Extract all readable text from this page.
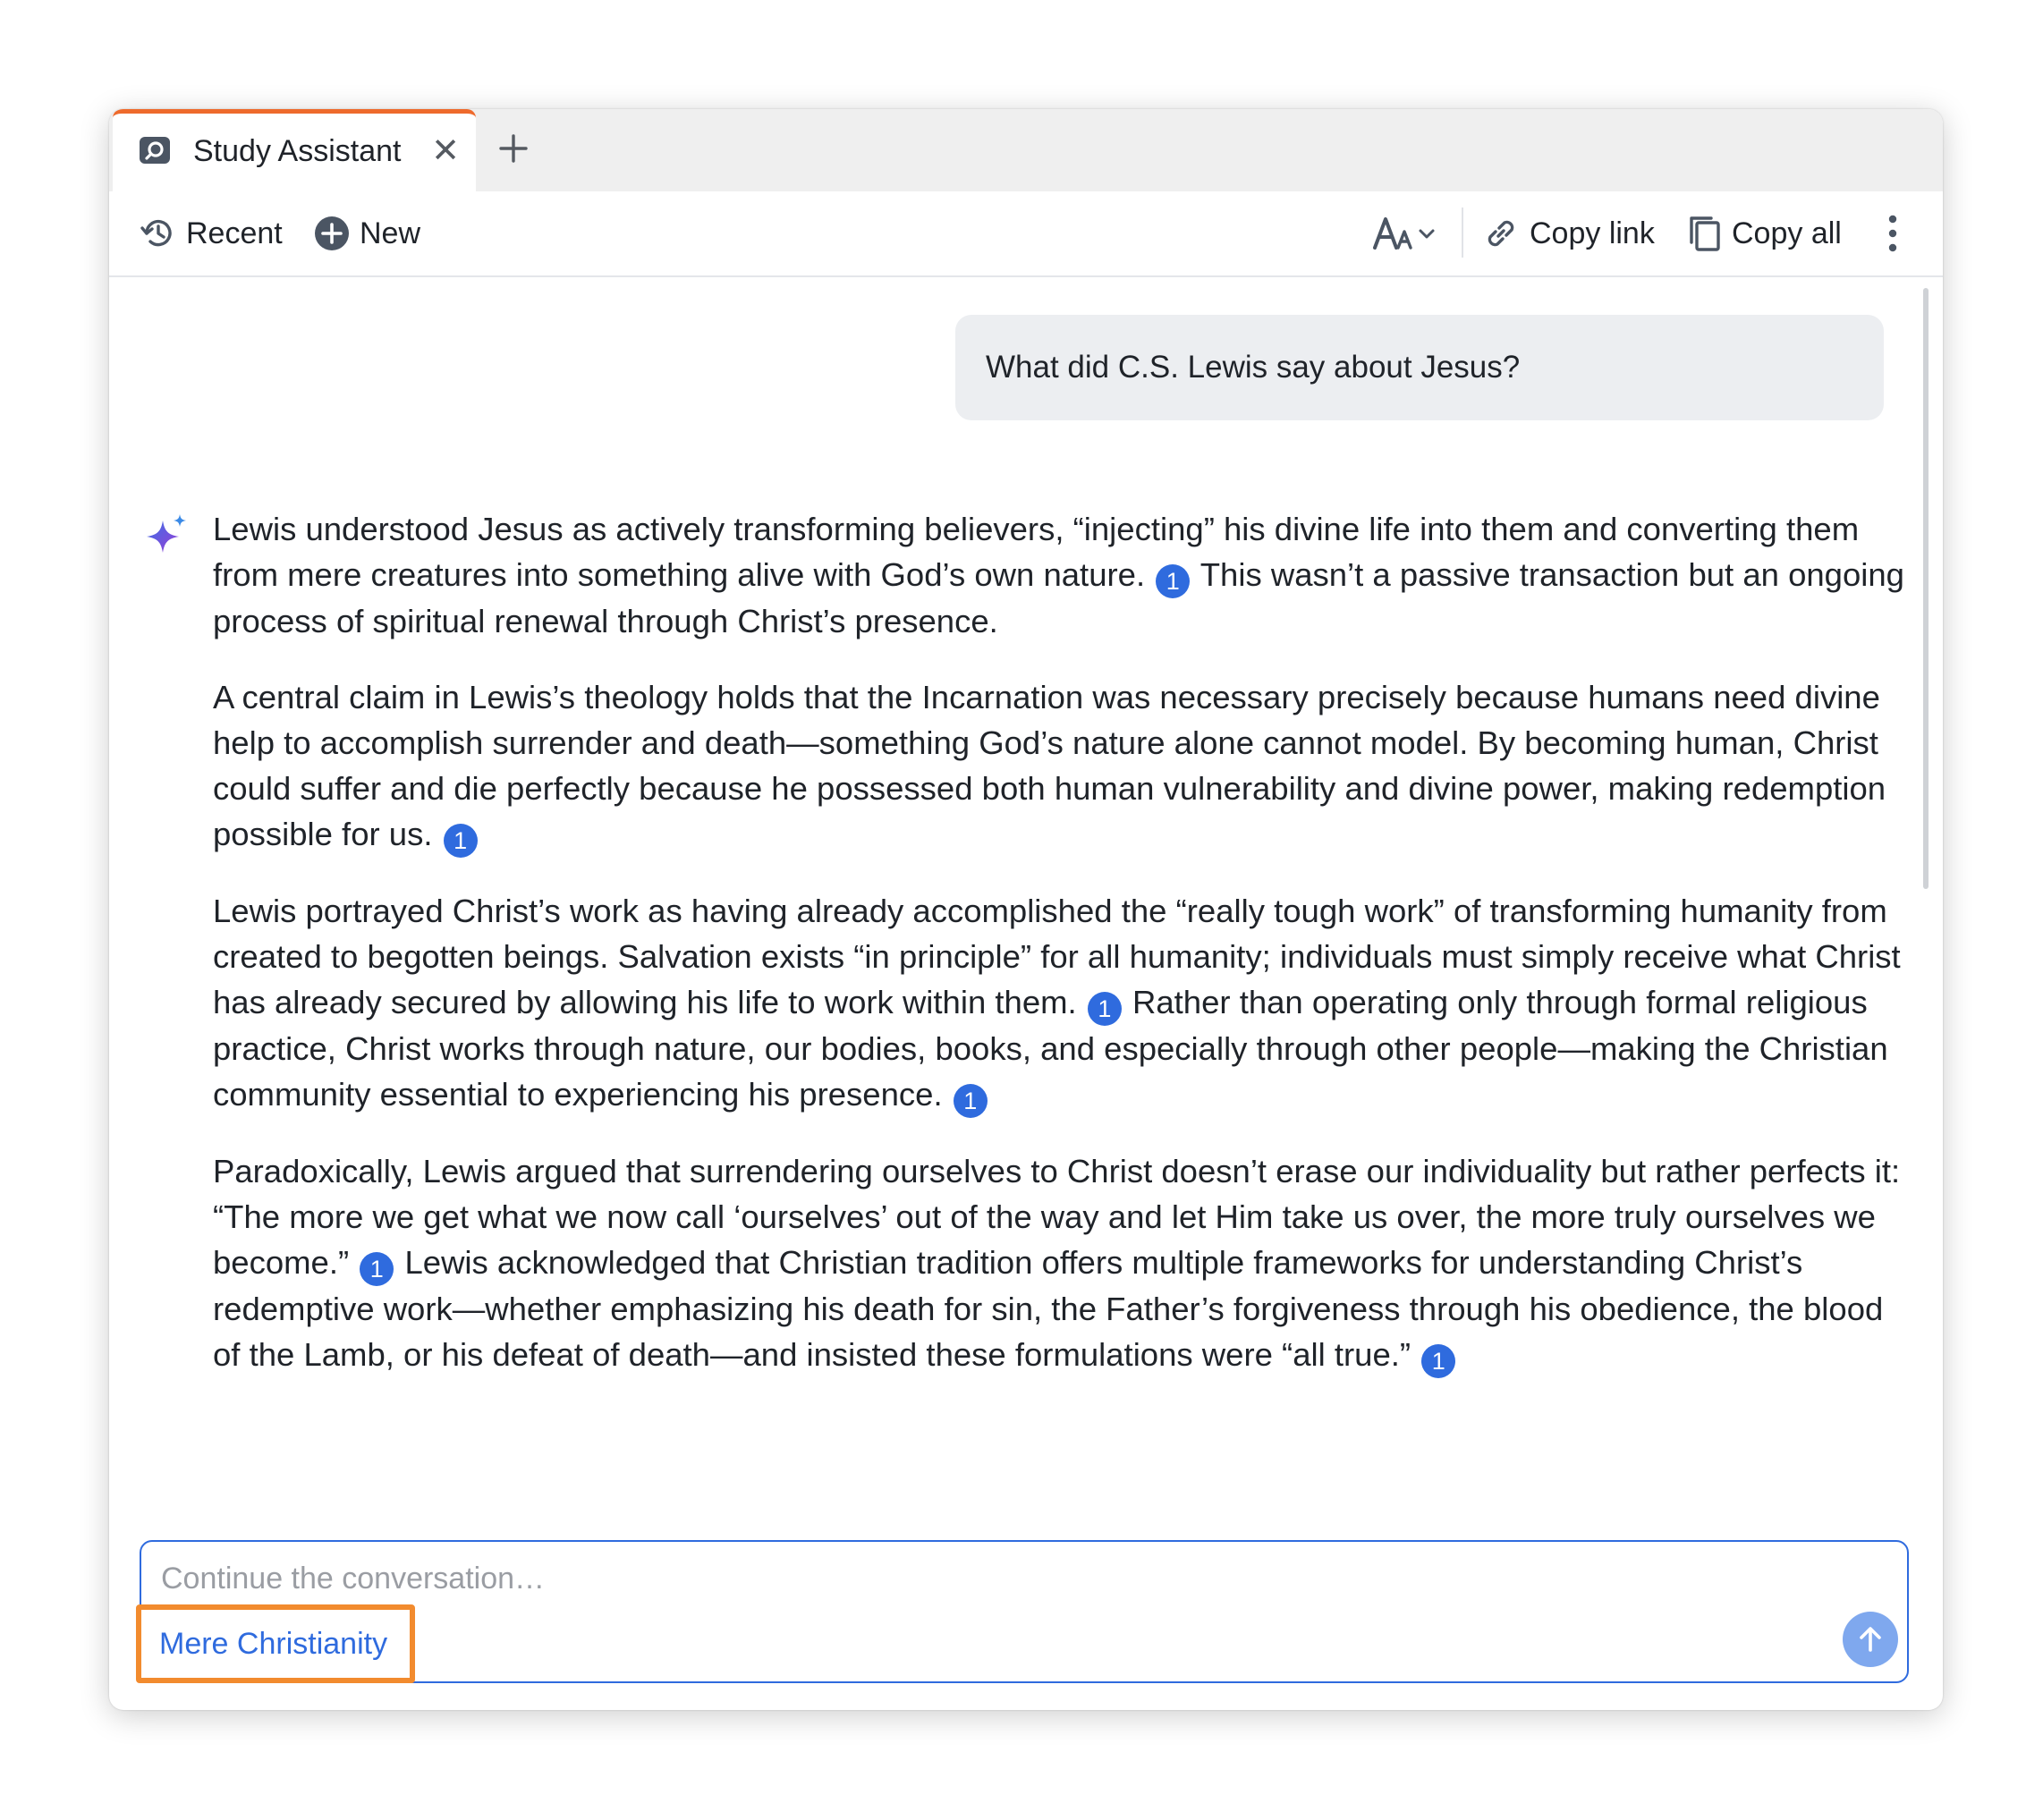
Study Assistant ✕
Recent	New	Copy link	Copy all
What did C.S. Lewis say about Jesus?

Lewis understood Jesus as actively transforming believers, “injecting” his divine life into them and converting them from mere creatures into something alive with God’s own nature. 1 This wasn’t a passive transaction but an ongoing process of spiritual renewal through Christ’s presence.

A central claim in Lewis’s theology holds that the Incarnation was necessary precisely because humans need divine help to accomplish surrender and death—something God’s nature alone cannot model. By becoming human, Christ could suffer and die perfectly because he possessed both human vulnerability and divine power, making redemption possible for us. 1

Lewis portrayed Christ’s work as having already accomplished the “really tough work” of transforming humanity from created to begotten beings. Salvation exists “in principle” for all humanity; individuals must simply receive what Christ has already secured by allowing his life to work within them. 1 Rather than operating only through formal religious practice, Christ works through nature, our bodies, books, and especially through other people—making the Christian community essential to experiencing his presence. 1

Paradoxically, Lewis argued that surrendering ourselves to Christ doesn’t erase our individuality but rather perfects it: “The more we get what we now call ‘ourselves’ out of the way and let Him take us over, the more truly ourselves we become.” 1 Lewis acknowledged that Christian tradition offers multiple frameworks for understanding Christ’s redemptive work—whether emphasizing his death for sin, the Father’s forgiveness through his obedience, the blood of the Lamb, or his defeat of death—and insisted these formulations were “all true.” 1

Continue the conversation…
Mere Christianity
